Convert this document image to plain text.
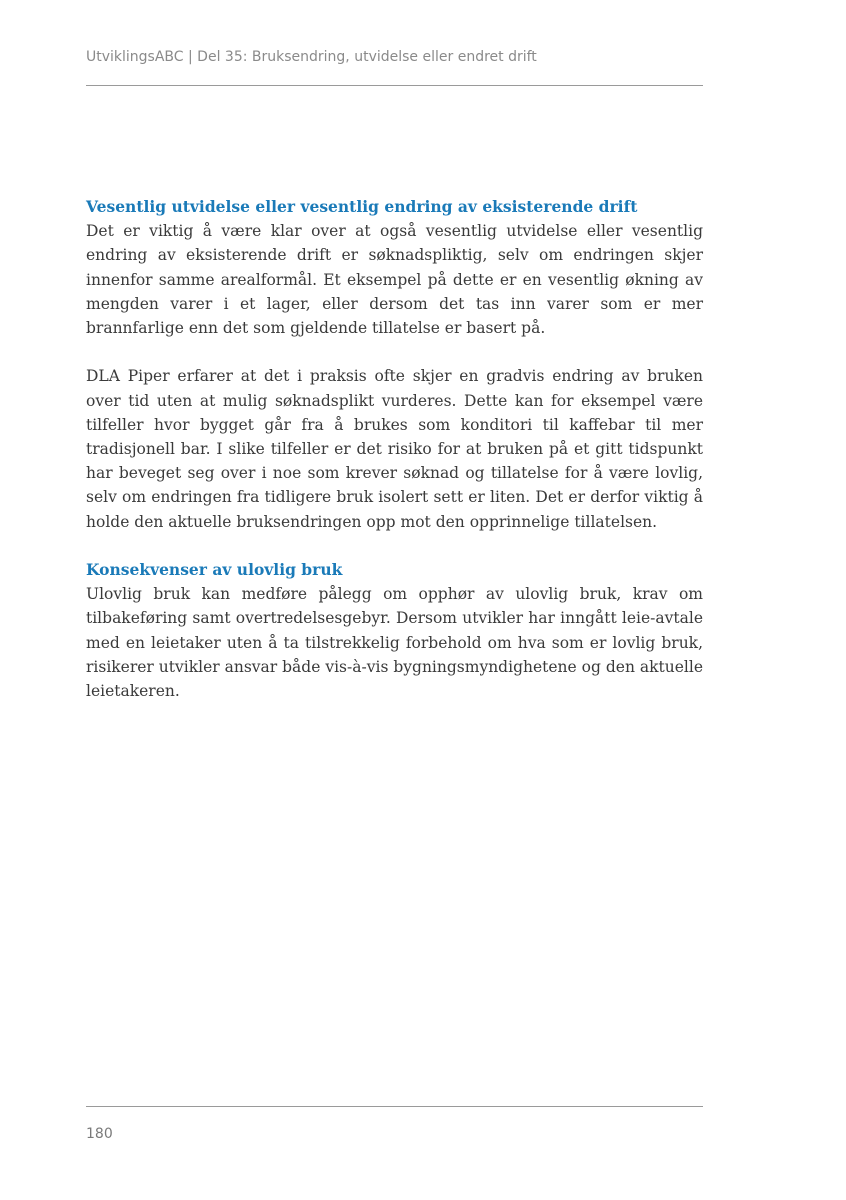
UtviklingsABC | Del 35: Bruksendring, utvidelse eller endret drift
Vesentlig utvidelse eller vesentlig endring av eksisterende drift

Det er viktig å være klar over at også vesentlig utvidelse eller vesentlig endring av eksisterende drift er søknadspliktig, selv om endringen skjer innenfor samme arealformål. Et eksempel på dette er en vesentlig økning av mengden varer i et lager, eller dersom det tas inn varer som er mer brannfarlige enn det som gjeldende tillatelse er basert på.

DLA Piper erfarer at det i praksis ofte skjer en gradvis endring av bruken over tid uten at mulig søknadsplikt vurderes. Dette kan for eksempel være tilfeller hvor bygget går fra å brukes som konditori til kaffebar til mer tradisjonell bar. I slike tilfeller er det risiko for at bruken på et gitt tidspunkt har beveget seg over i noe som krever søknad og tillatelse for å være lovlig, selv om endringen fra tidligere bruk isolert sett er liten. Det er derfor viktig å holde den aktuelle bruksendringen opp mot den opprinnelige tillatelsen.

Konsekvenser av ulovlig bruk

Ulovlig bruk kan medføre pålegg om opphør av ulovlig bruk, krav om tilbakeføring samt overtredelsesgebyr. Dersom utvikler har inngått leie-avtale med en leietaker uten å ta tilstrekkelig forbehold om hva som er lovlig bruk, risikerer utvikler ansvar både vis-à-vis bygningsmyndighetene og den aktuelle leietakeren.

180
